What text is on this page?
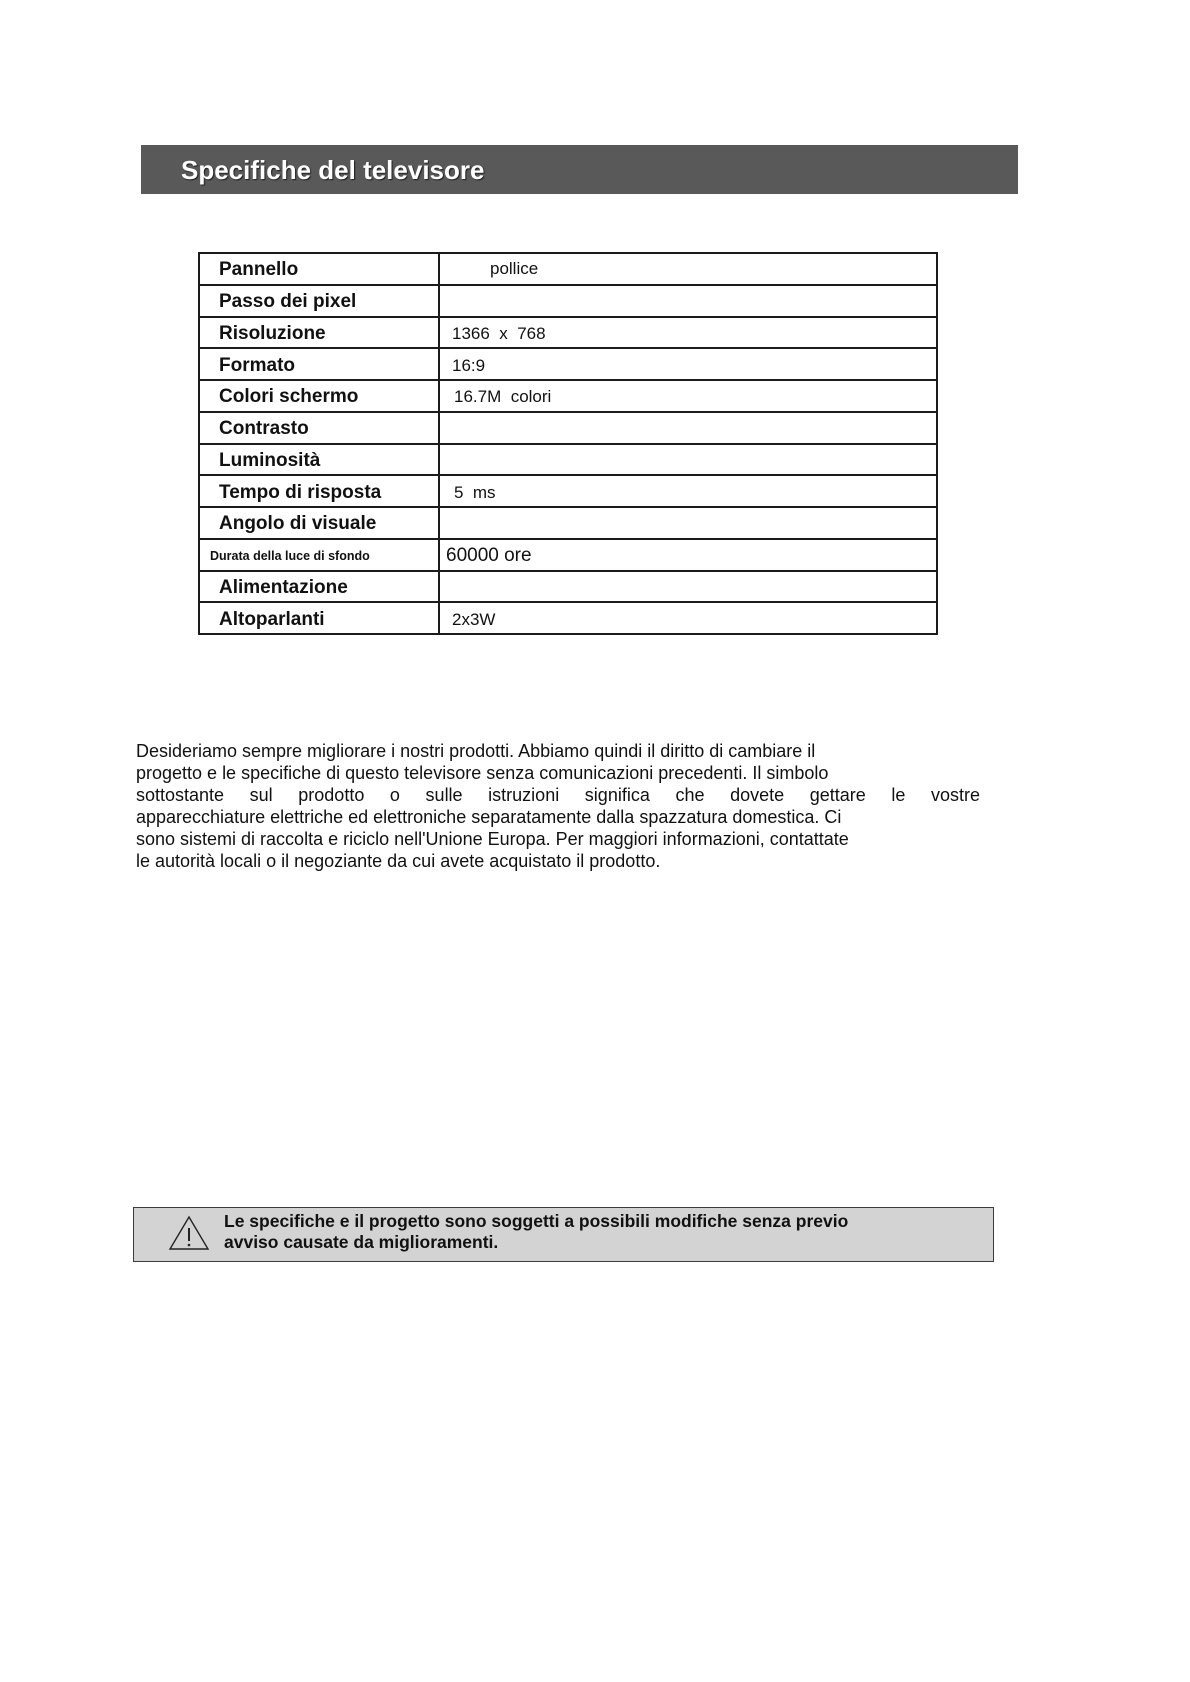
Specifiche del televisore
Pannello	pollice
Passo dei pixel	
Risoluzione	1366  x  768
Formato	16:9
Colori schermo	16.7M  colori
Contrasto	
Luminosità	
Tempo di risposta	5  ms
Angolo di visuale	
Durata della luce di sfondo	60000 ore
Alimentazione	
Altoparlanti	2x3W
Desideriamo sempre migliorare i nostri prodotti. Abbiamo quindi il diritto di cambiare il
progetto e le specifiche di questo televisore senza comunicazioni precedenti. Il simbolo
sottostante sul prodotto o sulle istruzioni significa che dovete gettare le vostre
apparecchiature elettriche ed elettroniche separatamente dalla spazzatura domestica. Ci
sono sistemi di raccolta e riciclo nell'Unione Europa. Per maggiori informazioni, contattate
le autorità locali o il negoziante da cui avete acquistato il prodotto.
Le specifiche e il progetto sono soggetti a possibili modifiche senza previo
avviso causate da miglioramenti.
